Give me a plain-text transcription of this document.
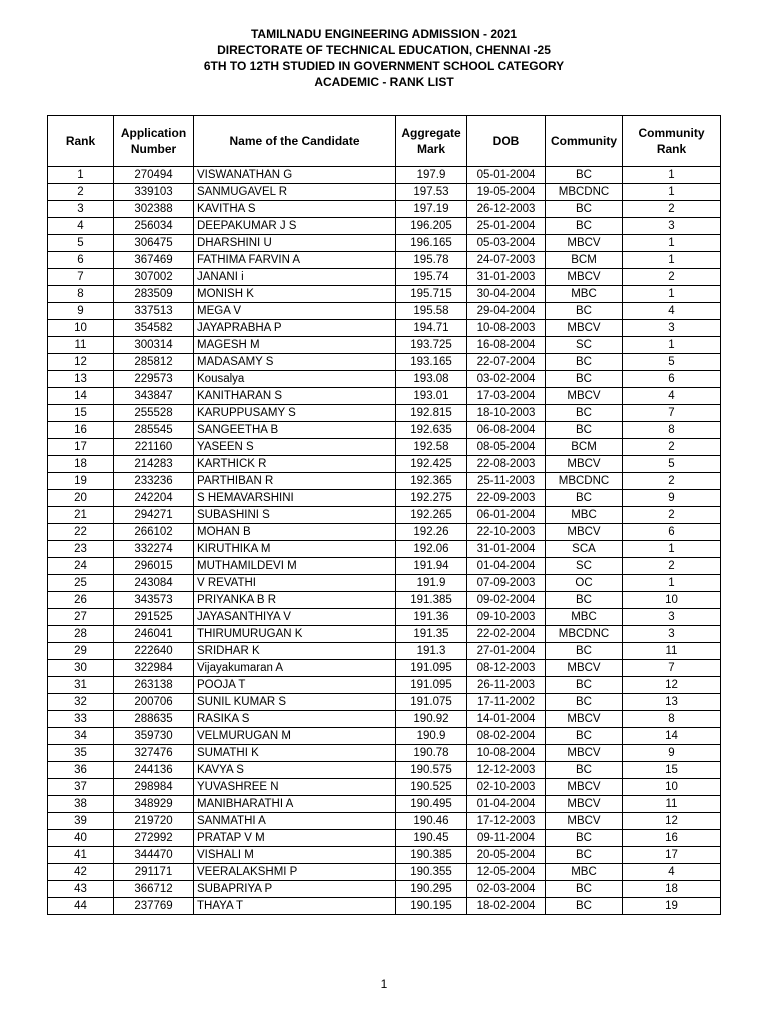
TAMILNADU ENGINEERING ADMISSION - 2021
DIRECTORATE OF TECHNICAL EDUCATION, CHENNAI -25
6TH TO 12TH STUDIED IN GOVERNMENT SCHOOL CATEGORY
ACADEMIC - RANK LIST
Rank	Application Number	Name of the Candidate	Aggregate Mark	DOB	Community	Community Rank
1	270494	VISWANATHAN G	197.9	05-01-2004	BC	1
2	339103	SANMUGAVEL R	197.53	19-05-2004	MBCDNC	1
3	302388	KAVITHA S	197.19	26-12-2003	BC	2
4	256034	DEEPAKUMAR J S	196.205	25-01-2004	BC	3
5	306475	DHARSHINI U	196.165	05-03-2004	MBCV	1
6	367469	FATHIMA FARVIN A	195.78	24-07-2003	BCM	1
7	307002	JANANI i	195.74	31-01-2003	MBCV	2
8	283509	MONISH K	195.715	30-04-2004	MBC	1
9	337513	MEGA V	195.58	29-04-2004	BC	4
10	354582	JAYAPRABHA P	194.71	10-08-2003	MBCV	3
11	300314	MAGESH M	193.725	16-08-2004	SC	1
12	285812	MADASAMY S	193.165	22-07-2004	BC	5
13	229573	Kousalya	193.08	03-02-2004	BC	6
14	343847	KANITHARAN S	193.01	17-03-2004	MBCV	4
15	255528	KARUPPUSAMY S	192.815	18-10-2003	BC	7
16	285545	SANGEETHA B	192.635	06-08-2004	BC	8
17	221160	YASEEN S	192.58	08-05-2004	BCM	2
18	214283	KARTHICK R	192.425	22-08-2003	MBCV	5
19	233236	PARTHIBAN R	192.365	25-11-2003	MBCDNC	2
20	242204	S HEMAVARSHINI	192.275	22-09-2003	BC	9
21	294271	SUBASHINI S	192.265	06-01-2004	MBC	2
22	266102	MOHAN B	192.26	22-10-2003	MBCV	6
23	332274	KIRUTHIKA M	192.06	31-01-2004	SCA	1
24	296015	MUTHAMILDEVI M	191.94	01-04-2004	SC	2
25	243084	V REVATHI	191.9	07-09-2003	OC	1
26	343573	PRIYANKA B R	191.385	09-02-2004	BC	10
27	291525	JAYASANTHIYA V	191.36	09-10-2003	MBC	3
28	246041	THIRUMURUGAN K	191.35	22-02-2004	MBCDNC	3
29	222640	SRIDHAR K	191.3	27-01-2004	BC	11
30	322984	Vijayakumaran A	191.095	08-12-2003	MBCV	7
31	263138	POOJA T	191.095	26-11-2003	BC	12
32	200706	SUNIL KUMAR S	191.075	17-11-2002	BC	13
33	288635	RASIKA S	190.92	14-01-2004	MBCV	8
34	359730	VELMURUGAN M	190.9	08-02-2004	BC	14
35	327476	SUMATHI K	190.78	10-08-2004	MBCV	9
36	244136	KAVYA S	190.575	12-12-2003	BC	15
37	298984	YUVASHREE N	190.525	02-10-2003	MBCV	10
38	348929	MANIBHARATHI A	190.495	01-04-2004	MBCV	11
39	219720	SANMATHI A	190.46	17-12-2003	MBCV	12
40	272992	PRATAP V M	190.45	09-11-2004	BC	16
41	344470	VISHALI M	190.385	20-05-2004	BC	17
42	291171	VEERALAKSHMI P	190.355	12-05-2004	MBC	4
43	366712	SUBAPRIYA P	190.295	02-03-2004	BC	18
44	237769	THAYA T	190.195	18-02-2004	BC	19
1
